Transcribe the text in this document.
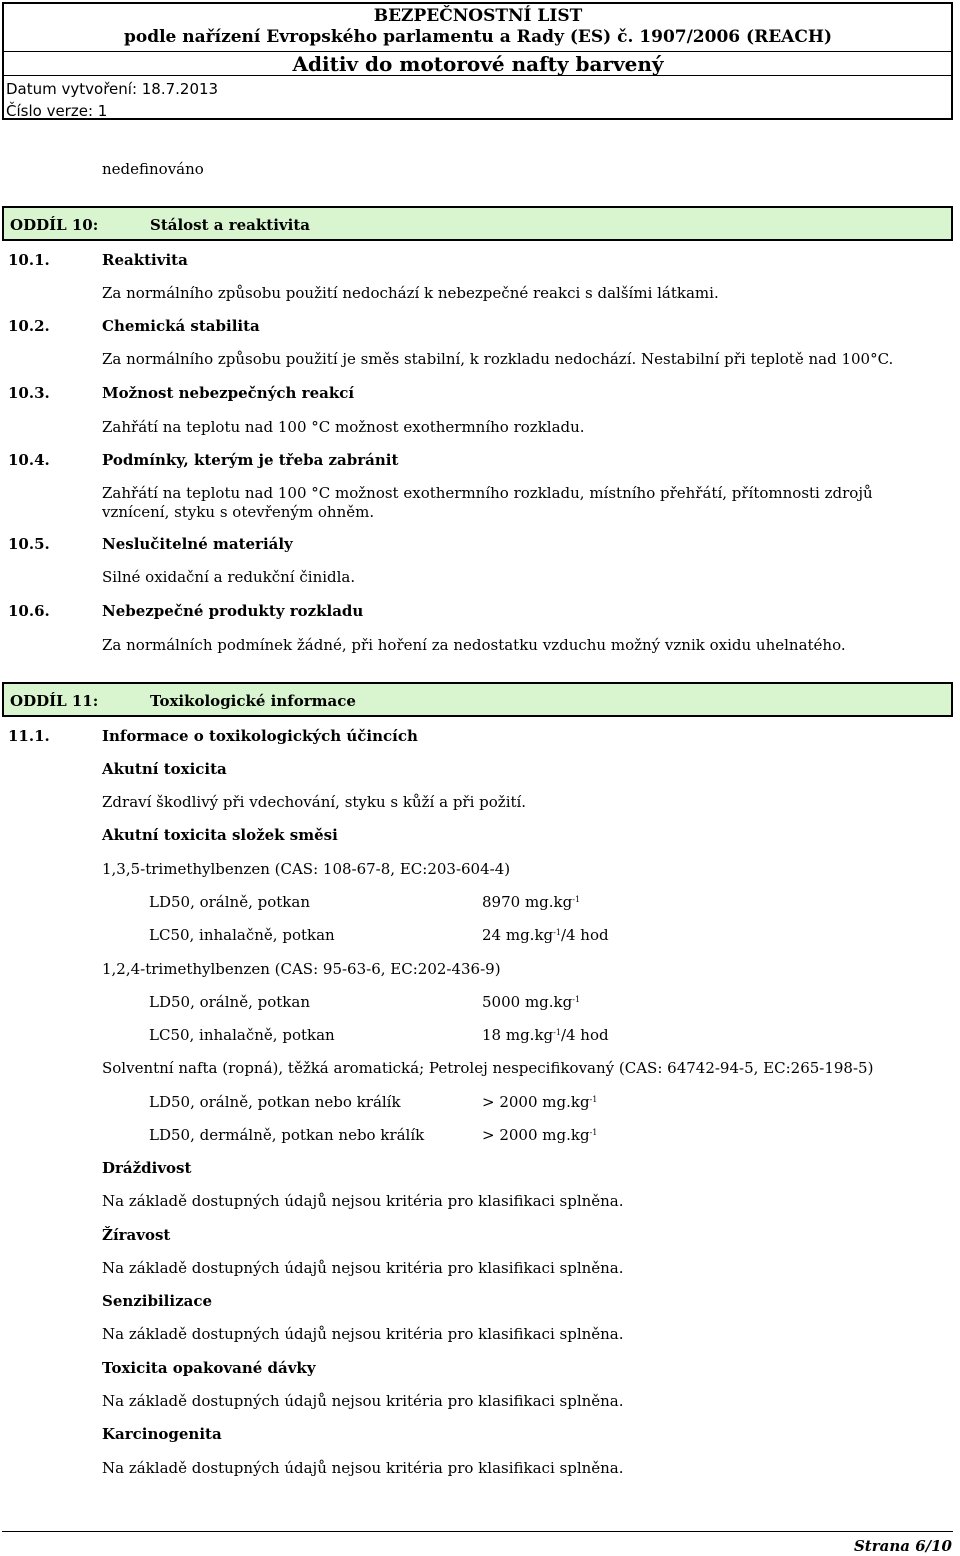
BEZPEČNOSTNÍ LIST
podle nařízení Evropského parlamentu a Rady (ES) č. 1907/2006 (REACH)
Aditiv do motorové nafty barvený
Datum vytvoření: 18.7.2013
Číslo verze: 1
nedefinováno
ODDÍL 10:	Stálost a reaktivita
10.1.	Reaktivita
Za normálního způsobu použití nedochází k nebezpečné reakci s dalšími látkami.
10.2.	Chemická stabilita
Za normálního způsobu použití je směs stabilní, k rozkladu nedochází. Nestabilní při teplotě nad 100°C.
10.3.	Možnost nebezpečných reakcí
Zahřátí na teplotu nad 100 °C možnost exothermního rozkladu.
10.4.	Podmínky, kterým je třeba zabránit
Zahřátí na teplotu nad 100 °C možnost exothermního rozkladu, místního přehřátí, přítomnosti zdrojů vznícení, styku s otevřeným ohněm.
10.5.	Neslučitelné materiály
Silné oxidační a redukční činidla.
10.6.	Nebezpečné produkty rozkladu
Za normálních podmínek žádné, při hoření za nedostatku vzduchu možný vznik oxidu uhelnatého.
ODDÍL 11:	Toxikologické informace
11.1.	Informace o toxikologických účincích
Akutní toxicita
Zdraví škodlivý při vdechování, styku s kůží a při požití.
Akutní toxicita složek směsi
1,3,5-trimethylbenzen (CAS: 108-67-8, EC:203-604-4)
LD50, orálně, potkan	8970 $mg.kg^{-1}$
LC50, inhalačně, potkan	24 $mg.kg^{-1}/4$ hod
1,2,4-trimethylbenzen (CAS: 95-63-6, EC:202-436-9)
LD50, orálně, potkan	5000 $mg.kg^{-1}$
LC50, inhalačně, potkan	18 $mg.kg^{-1}/4$ hod
Solventní nafta (ropná), těžká aromatická; Petrolej nespecifikovaný (CAS: 64742-94-5, EC:265-198-5)
LD50, orálně, potkan nebo králík	> 2000 $mg.kg^{-1}$
LD50, dermálně, potkan nebo králík	> 2000 $mg.kg^{-1}$
Dráždivost
Na základě dostupných údajů nejsou kritéria pro klasifikaci splněna.
Žíravost
Na základě dostupných údajů nejsou kritéria pro klasifikaci splněna.
Senzibilizace
Na základě dostupných údajů nejsou kritéria pro klasifikaci splněna.
Toxicita opakované dávky
Na základě dostupných údajů nejsou kritéria pro klasifikaci splněna.
Karcinogenita
Na základě dostupných údajů nejsou kritéria pro klasifikaci splněna.
Strana 6/10
